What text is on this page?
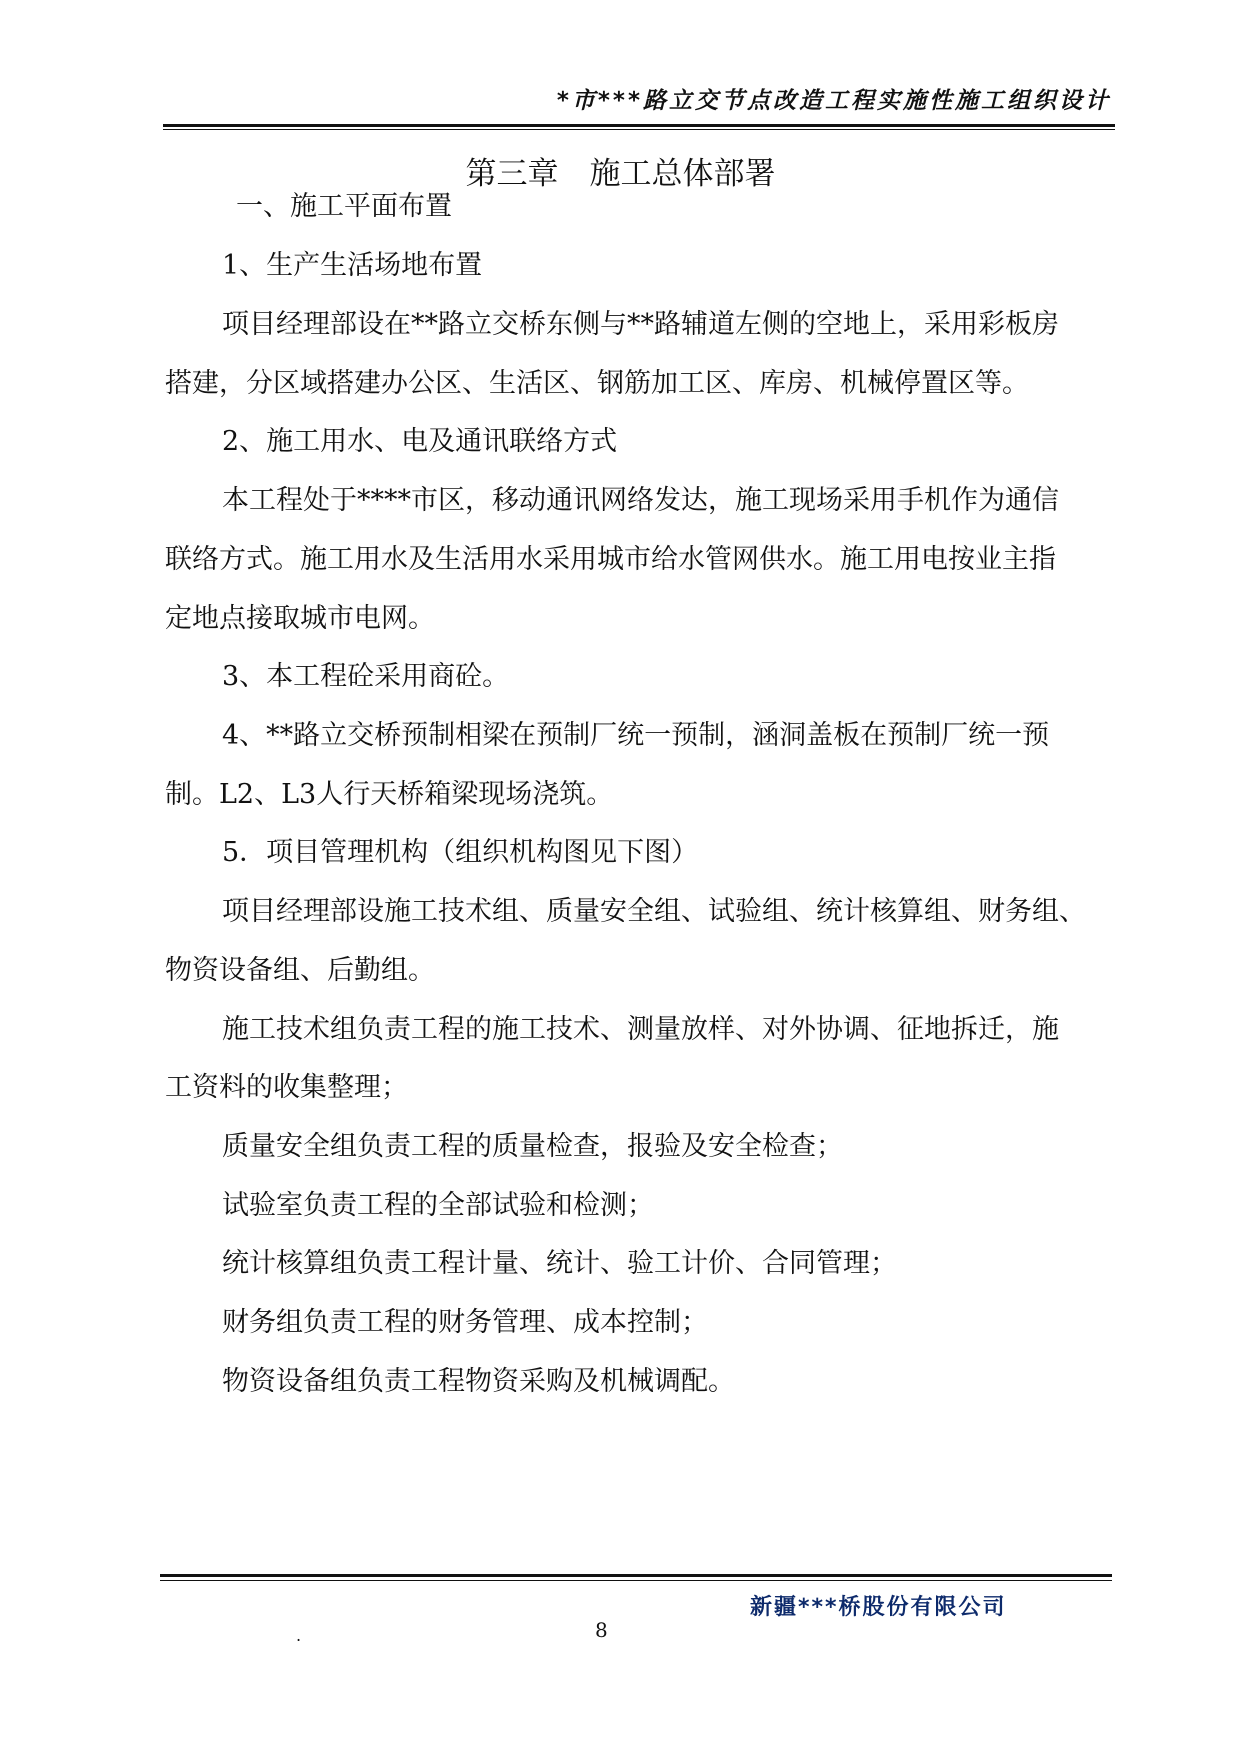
*市***路立交节点改造工程实施性施工组织设计
第三章　施工总体部署
一、施工平面布置
1、生产生活场地布置
项目经理部设在**路立交桥东侧与**路辅道左侧的空地上，采用彩板房
搭建，分区域搭建办公区、生活区、钢筋加工区、库房、机械停置区等。
2、施工用水、电及通讯联络方式
本工程处于****市区，移动通讯网络发达，施工现场采用手机作为通信
联络方式。施工用水及生活用水采用城市给水管网供水。施工用电按业主指
定地点接取城市电网。
3、本工程砼采用商砼。
4、**路立交桥预制相梁在预制厂统一预制，涵洞盖板在预制厂统一预
制。L2、L3人行天桥箱梁现场浇筑。
5．项目管理机构（组织机构图见下图）
项目经理部设施工技术组、质量安全组、试验组、统计核算组、财务组、
物资设备组、后勤组。
施工技术组负责工程的施工技术、测量放样、对外协调、征地拆迁，施
工资料的收集整理；
质量安全组负责工程的质量检查，报验及安全检查；
试验室负责工程的全部试验和检测；
统计核算组负责工程计量、统计、验工计价、合同管理；
财务组负责工程的财务管理、成本控制；
物资设备组负责工程物资采购及机械调配。
新疆***桥股份有限公司
.	8
